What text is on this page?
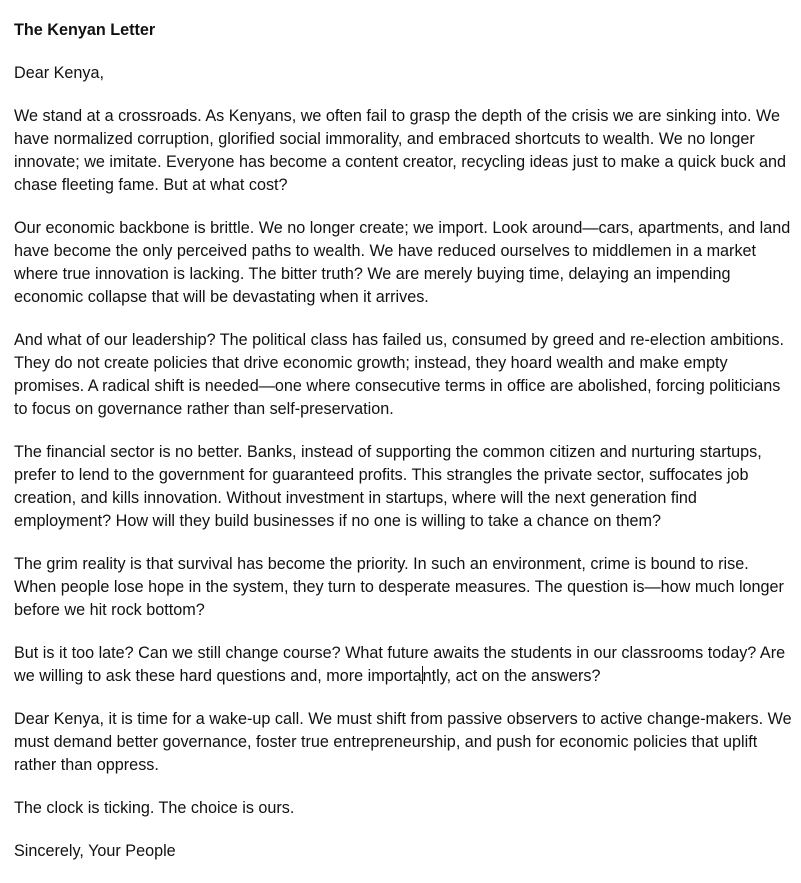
The Kenyan Letter

Dear Kenya,

We stand at a crossroads. As Kenyans, we often fail to grasp the depth of the crisis we are sinking into. We have normalized corruption, glorified social immorality, and embraced shortcuts to wealth. We no longer innovate; we imitate. Everyone has become a content creator, recycling ideas just to make a quick buck and chase fleeting fame. But at what cost?

Our economic backbone is brittle. We no longer create; we import. Look around—cars, apartments, and land have become the only perceived paths to wealth. We have reduced ourselves to middlemen in a market where true innovation is lacking. The bitter truth? We are merely buying time, delaying an impending economic collapse that will be devastating when it arrives.

And what of our leadership? The political class has failed us, consumed by greed and re-election ambitions. They do not create policies that drive economic growth; instead, they hoard wealth and make empty promises. A radical shift is needed—one where consecutive terms in office are abolished, forcing politicians to focus on governance rather than self-preservation.

The financial sector is no better. Banks, instead of supporting the common citizen and nurturing startups, prefer to lend to the government for guaranteed profits. This strangles the private sector, suffocates job creation, and kills innovation. Without investment in startups, where will the next generation find employment? How will they build businesses if no one is willing to take a chance on them?

The grim reality is that survival has become the priority. In such an environment, crime is bound to rise. When people lose hope in the system, they turn to desperate measures. The question is—how much longer before we hit rock bottom?

But is it too late? Can we still change course? What future awaits the students in our classrooms today? Are we willing to ask these hard questions and, more importantly, act on the answers?

Dear Kenya, it is time for a wake-up call. We must shift from passive observers to active change-makers. We must demand better governance, foster true entrepreneurship, and push for economic policies that uplift rather than oppress.

The clock is ticking. The choice is ours.

Sincerely, Your People
